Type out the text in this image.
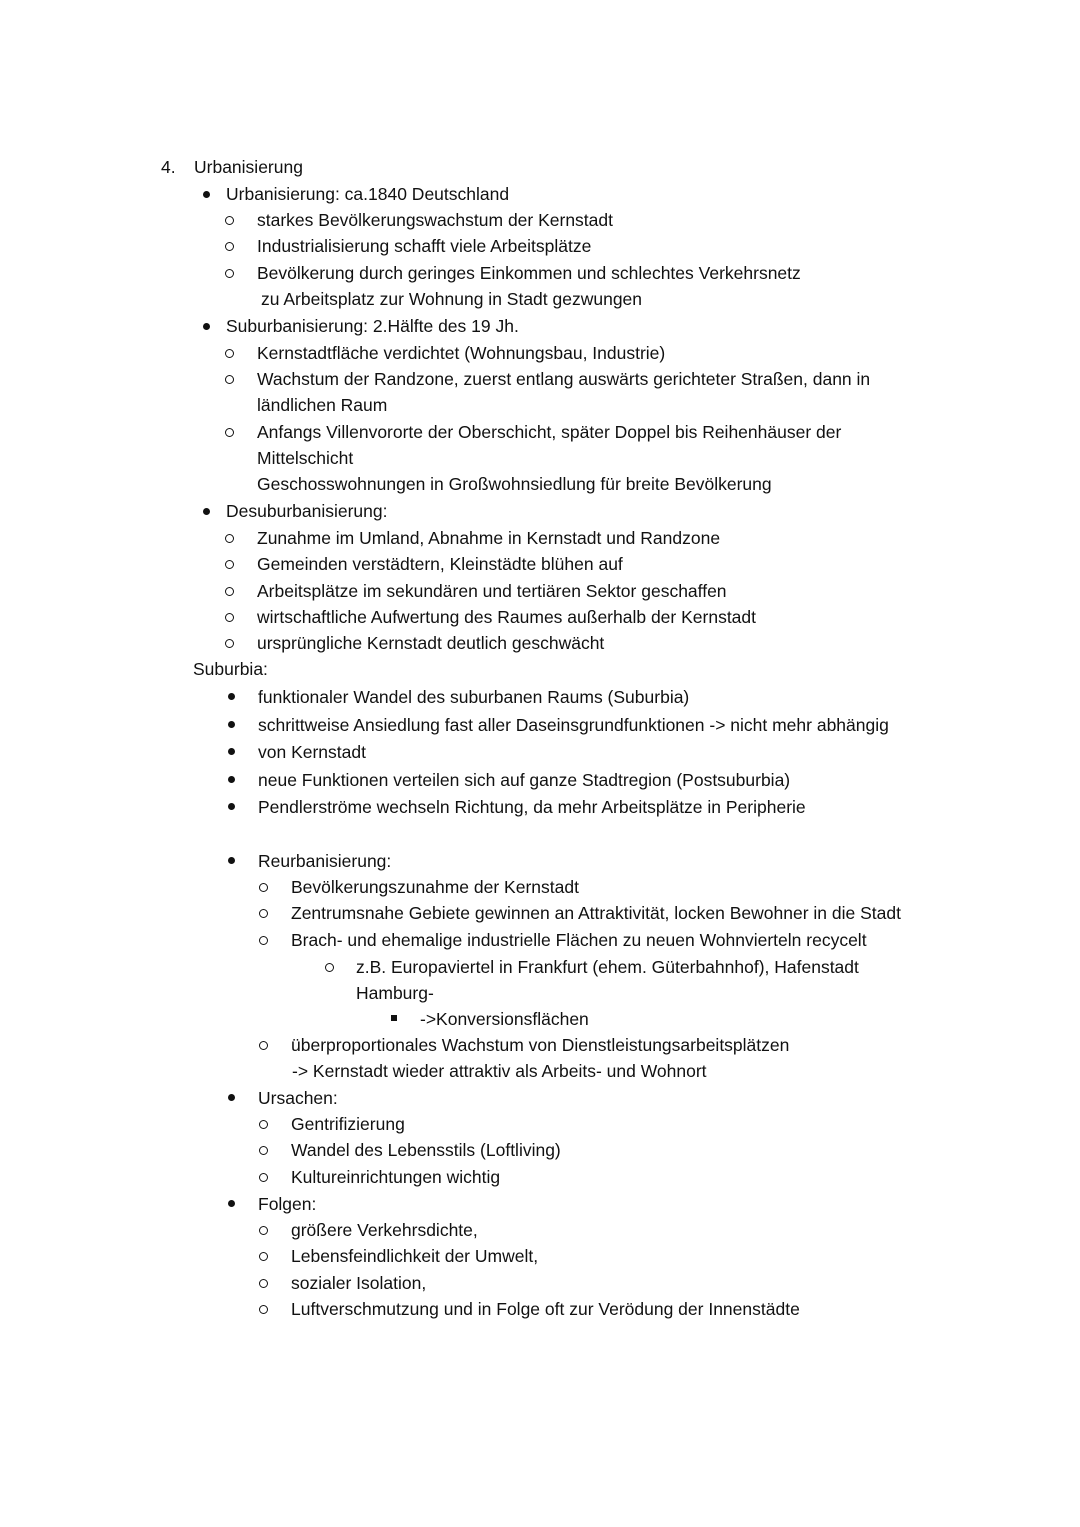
4. Urbanisierung
Urbanisierung: ca.1840 Deutschland
starkes Bevölkerungswachstum der Kernstadt
Industrialisierung schafft viele Arbeitsplätze
Bevölkerung durch geringes Einkommen und schlechtes Verkehrsnetz
zu Arbeitsplatz zur Wohnung in Stadt gezwungen
Suburbanisierung: 2.Hälfte des 19 Jh.
Kernstadtfläche verdichtet (Wohnungsbau, Industrie)
Wachstum der Randzone, zuerst entlang auswärts gerichteter Straßen, dann in
ländlichen Raum
Anfangs Villenvororte der Oberschicht, später Doppel bis Reihenhäuser der
Mittelschicht
Geschosswohnungen in Großwohnsiedlung für breite Bevölkerung
Desuburbanisierung:
Zunahme im Umland, Abnahme in Kernstadt und Randzone
Gemeinden verstädtern, Kleinstädte blühen auf
Arbeitsplätze im sekundären und tertiären Sektor geschaffen
wirtschaftliche Aufwertung des Raumes außerhalb der Kernstadt
ursprüngliche Kernstadt deutlich geschwächt
Suburbia:
funktionaler Wandel des suburbanen Raums (Suburbia)
schrittweise Ansiedlung fast aller Daseinsgrundfunktionen -> nicht mehr abhängig
von Kernstadt
neue Funktionen verteilen sich auf ganze Stadtregion (Postsuburbia)
Pendlerströme wechseln Richtung, da mehr Arbeitsplätze in Peripherie
Reurbanisierung:
Bevölkerungszunahme der Kernstadt
Zentrumsnahe Gebiete gewinnen an Attraktivität, locken Bewohner in die Stadt
Brach- und ehemalige industrielle Flächen zu neuen Wohnvierteln recycelt
z.B. Europaviertel in Frankfurt (ehem. Güterbahnhof), Hafenstadt
Hamburg-
->Konversionsflächen
überproportionales Wachstum von Dienstleistungsarbeitsplätzen
-> Kernstadt wieder attraktiv als Arbeits- und Wohnort
Ursachen:
Gentrifizierung
Wandel des Lebensstils (Loftliving)
Kultureinrichtungen wichtig
Folgen:
größere Verkehrsdichte,
Lebensfeindlichkeit der Umwelt,
sozialer Isolation,
Luftverschmutzung und in Folge oft zur Verödung der Innenstädte
